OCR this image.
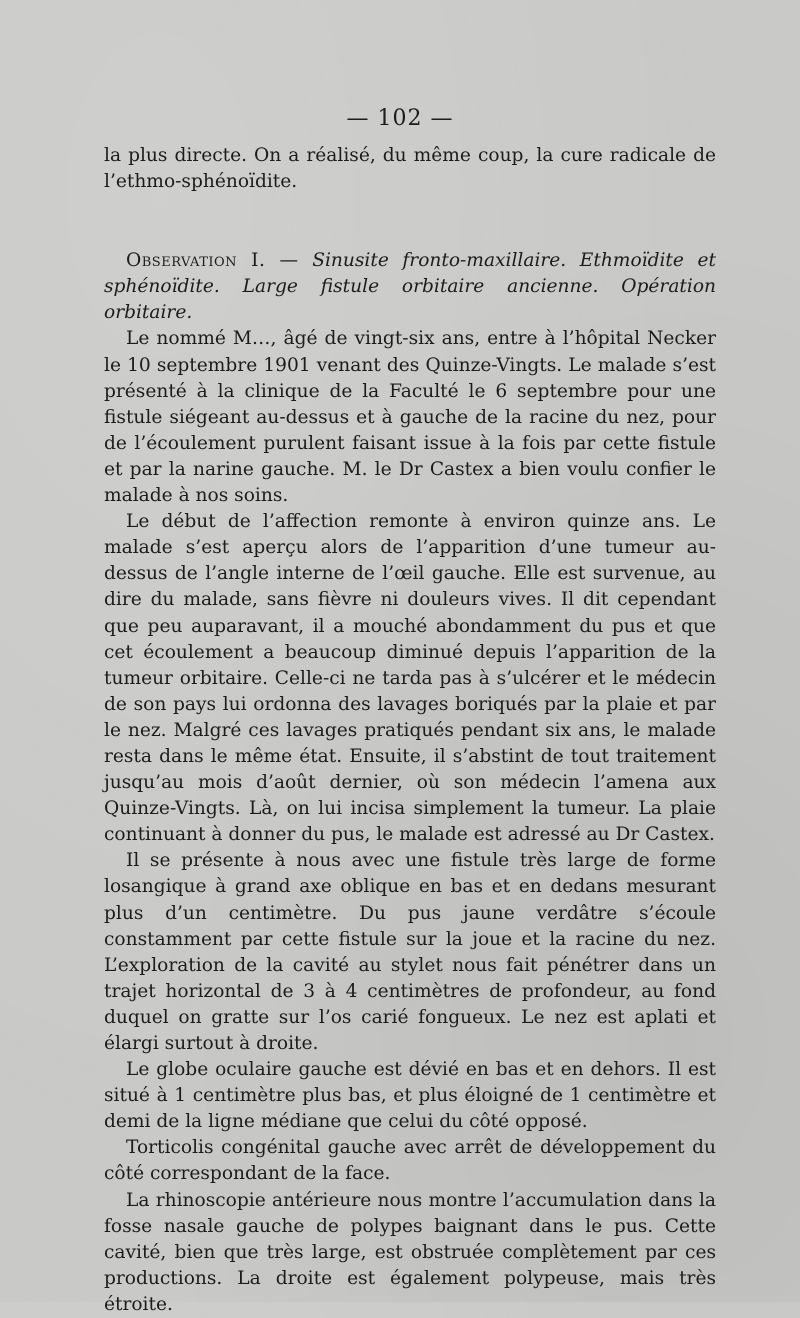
— 102 —

la plus directe. On a réalisé, du même coup, la cure radicale de l’ethmo-sphénoïdite.

Observation I. — Sinusite fronto-maxillaire. Ethmoïdite et sphénoïdite. Large fistule orbitaire ancienne. Opération orbitaire.

Le nommé M…, âgé de vingt-six ans, entre à l’hôpital Necker le 10 septembre 1901 venant des Quinze-Vingts. Le malade s’est présenté à la clinique de la Faculté le 6 septembre pour une fistule siégeant au-dessus et à gauche de la racine du nez, pour de l’écoulement purulent faisant issue à la fois par cette fistule et par la narine gauche. M. le Dr Castex a bien voulu confier le malade à nos soins.

Le début de l’affection remonte à environ quinze ans. Le malade s’est aperçu alors de l’apparition d’une tumeur au-dessus de l’angle interne de l’œil gauche. Elle est survenue, au dire du malade, sans fièvre ni douleurs vives. Il dit cependant que peu auparavant, il a mouché abondamment du pus et que cet écoulement a beaucoup diminué depuis l’apparition de la tumeur orbitaire. Celle-ci ne tarda pas à s’ulcérer et le médecin de son pays lui ordonna des lavages boriqués par la plaie et par le nez. Malgré ces lavages pratiqués pendant six ans, le malade resta dans le même état. Ensuite, il s’abstint de tout traitement jusqu’au mois d’août dernier, où son médecin l’amena aux Quinze-Vingts. Là, on lui incisa simplement la tumeur. La plaie continuant à donner du pus, le malade est adressé au Dr Castex.

Il se présente à nous avec une fistule très large de forme losangique à grand axe oblique en bas et en dedans mesurant plus d’un centimètre. Du pus jaune verdâtre s’écoule constamment par cette fistule sur la joue et la racine du nez. L’exploration de la cavité au stylet nous fait pénétrer dans un trajet horizontal de 3 à 4 centimètres de profondeur, au fond duquel on gratte sur l’os carié fongueux. Le nez est aplati et élargi surtout à droite.

Le globe oculaire gauche est dévié en bas et en dehors. Il est situé à 1 centimètre plus bas, et plus éloigné de 1 centimètre et demi de la ligne médiane que celui du côté opposé.

Torticolis congénital gauche avec arrêt de développement du côté correspondant de la face.

La rhinoscopie antérieure nous montre l’accumulation dans la fosse nasale gauche de polypes baignant dans le pus. Cette cavité, bien que très large, est obstruée complètement par ces productions. La droite est également polypeuse, mais très étroite.
